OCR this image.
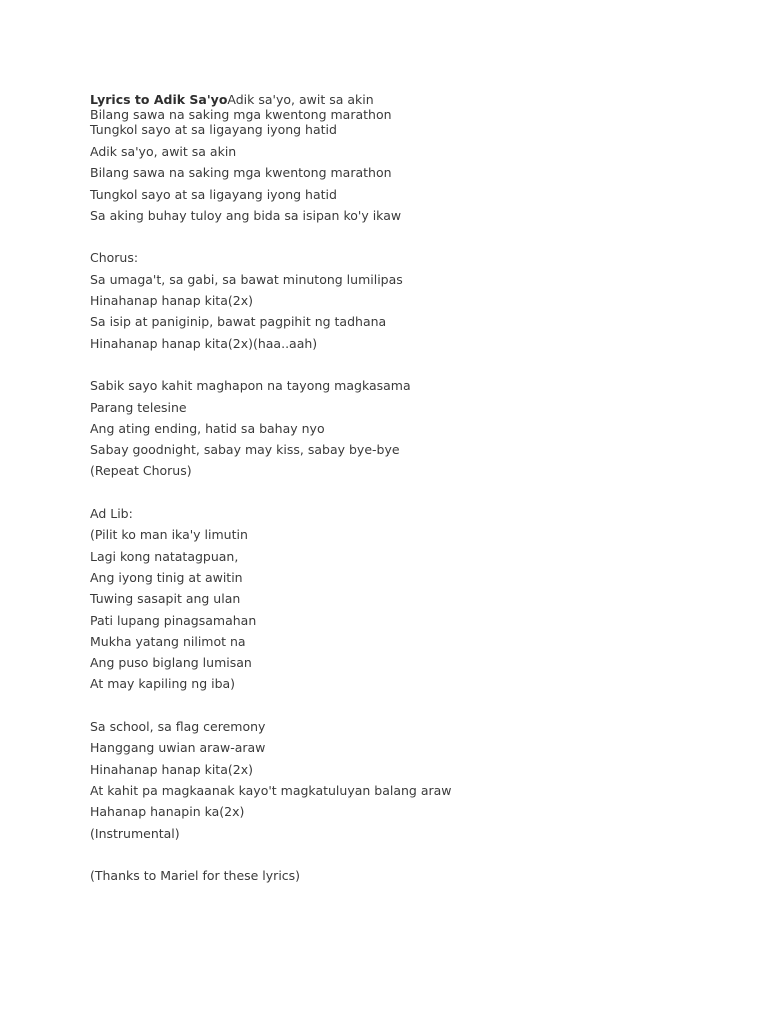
Lyrics to Adik Sa'yoAdik sa'yo, awit sa akin
Bilang sawa na saking mga kwentong marathon
Tungkol sayo at sa ligayang iyong hatid
Adik sa'yo, awit sa akin
Bilang sawa na saking mga kwentong marathon
Tungkol sayo at sa ligayang iyong hatid
Sa aking buhay tuloy ang bida sa isipan ko'y ikaw
Chorus:
Sa umaga't, sa gabi, sa bawat minutong lumilipas
Hinahanap hanap kita(2x)
Sa isip at paniginip, bawat pagpihit ng tadhana
Hinahanap hanap kita(2x)(haa..aah)
Sabik sayo kahit maghapon na tayong magkasama
Parang telesine
Ang ating ending, hatid sa bahay nyo
Sabay goodnight, sabay may kiss, sabay bye-bye
(Repeat Chorus)
Ad Lib:
(Pilit ko man ika'y limutin
Lagi kong natatagpuan,
Ang iyong tinig at awitin
Tuwing sasapit ang ulan
Pati lupang pinagsamahan
Mukha yatang nilimot na
Ang puso biglang lumisan
At may kapiling ng iba)
Sa school, sa flag ceremony
Hanggang uwian araw-araw
Hinahanap hanap kita(2x)
At kahit pa magkaanak kayo't magkatuluyan balang araw
Hahanap hanapin ka(2x)
(Instrumental)
(Thanks to Mariel for these lyrics)
